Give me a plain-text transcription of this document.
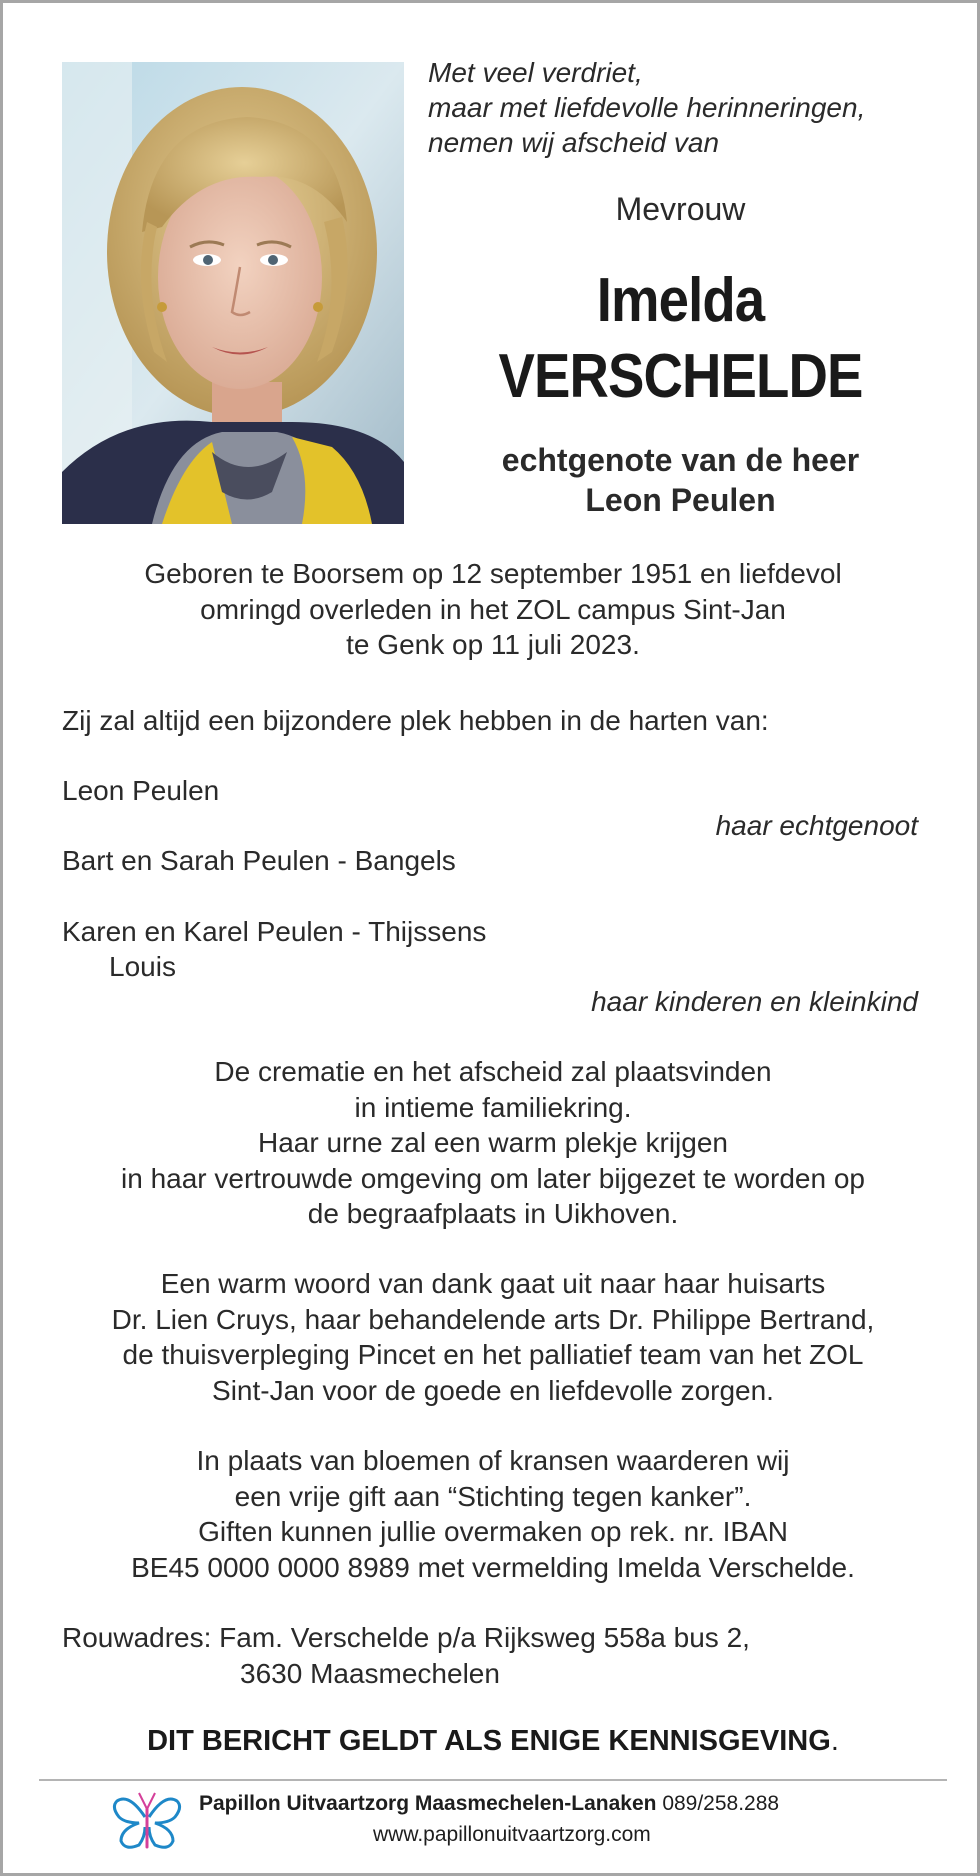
Met veel verdriet,
maar met liefdevolle herinneringen,
nemen wij afscheid van
Mevrouw
Imelda
VERSCHELDE
echtgenote van de heer
Leon Peulen
Geboren te Boorsem op 12 september 1951 en liefdevol
omringd overleden in het ZOL campus Sint-Jan
te Genk op 11 juli 2023.
Zij zal altijd een bijzondere plek hebben in de harten van:
Leon Peulen
haar echtgenoot
Bart en Sarah Peulen - Bangels
Karen en Karel Peulen - Thijssens
Louis
haar kinderen en kleinkind
De crematie en het afscheid zal plaatsvinden
in intieme familiekring.
Haar urne zal een warm plekje krijgen
in haar vertrouwde omgeving om later bijgezet te worden op
de begraafplaats in Uikhoven.
Een warm woord van dank gaat uit naar haar huisarts
Dr. Lien Cruys, haar behandelende arts Dr. Philippe Bertrand,
de thuisverpleging Pincet en het palliatief team van het ZOL
Sint-Jan voor de goede en liefdevolle zorgen.
In plaats van bloemen of kransen waarderen wij
een vrije gift aan “Stichting tegen kanker”.
Giften kunnen jullie overmaken op rek. nr. IBAN
BE45 0000 0000 8989 met vermelding Imelda Verschelde.
Rouwadres: Fam. Verschelde p/a Rijksweg 558a bus 2,
3630 Maasmechelen
DIT BERICHT GELDT ALS ENIGE KENNISGEVING.
Papillon Uitvaartzorg Maasmechelen-Lanaken 089/258.288
www.papillonuitvaartzorg.com
